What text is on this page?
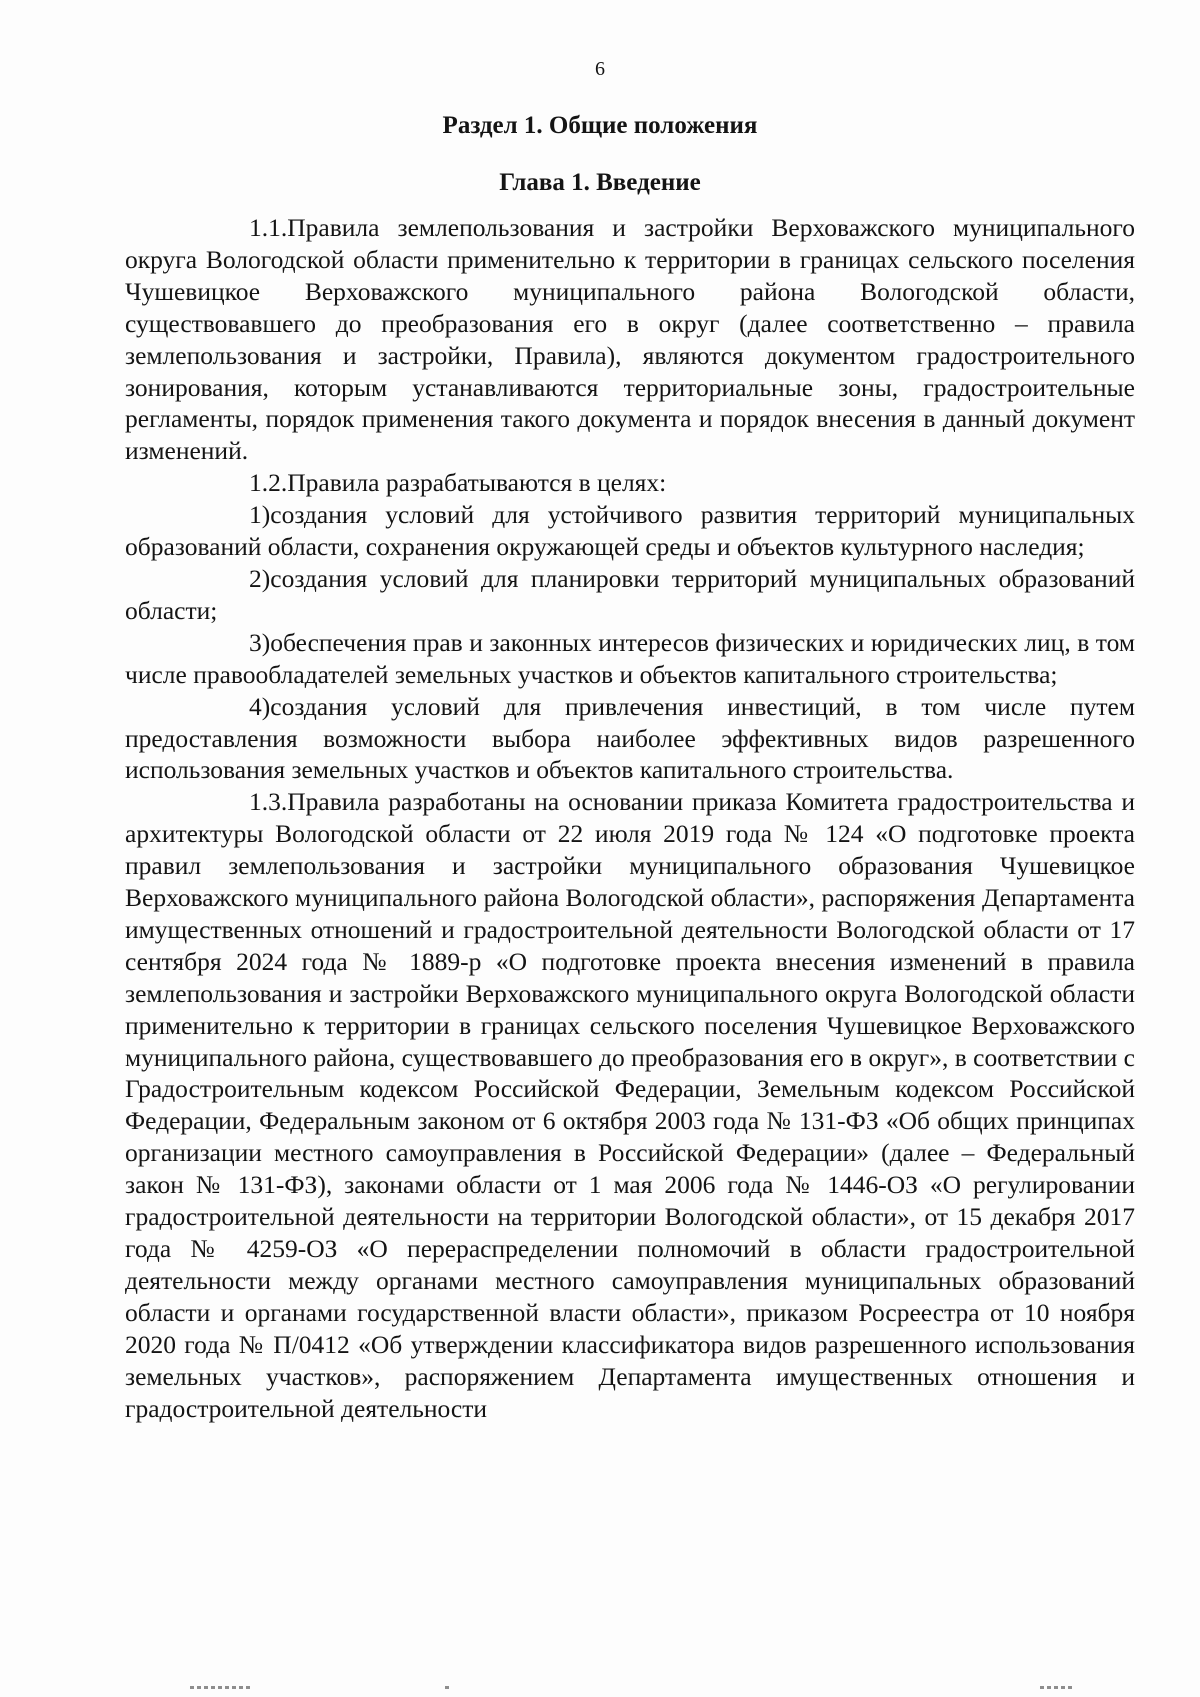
6
Раздел 1. Общие положения
Глава 1. Введение

1.1.Правила землепользования и застройки Верховажского муниципального округа Вологодской области применительно к территории в границах сельского поселения Чушевицкое Верховажского муниципального района Вологодской области, существовавшего до преобразования его в округ (далее соответственно – правила землепользования и застройки, Правила), являются документом градостроительного зонирования, которым устанавливаются территориальные зоны, градостроительные регламенты, порядок применения такого документа и порядок внесения в данный документ изменений.

1.2.Правила разрабатываются в целях:

1)создания условий для устойчивого развития территорий муниципальных образований области, сохранения окружающей среды и объектов культурного наследия;

2)создания условий для планировки территорий муниципальных образований области;

3)обеспечения прав и законных интересов физических и юридических лиц, в том числе правообладателей земельных участков и объектов капитального строительства;

4)создания условий для привлечения инвестиций, в том числе путем предоставления возможности выбора наиболее эффективных видов разрешенного использования земельных участков и объектов капитального строительства.

1.3.Правила разработаны на основании приказа Комитета градостроительства и архитектуры Вологодской области от 22 июля 2019 года № 124 «О подготовке проекта правил землепользования и застройки муниципального образования Чушевицкое Верховажского муниципального района Вологодской области», распоряжения Департамента имущественных отношений и градостроительной деятельности Вологодской области от 17 сентября 2024 года № 1889-р «О подготовке проекта внесения изменений в правила землепользования и застройки Верховажского муниципального округа Вологодской области применительно к территории в границах сельского поселения Чушевицкое Верховажского муниципального района, существовавшего до преобразования его в округ», в соответствии с Градостроительным кодексом Российской Федерации, Земельным кодексом Российской Федерации, Федеральным законом от 6 октября 2003 года № 131-ФЗ «Об общих принципах организации местного самоуправления в Российской Федерации» (далее – Федеральный закон № 131-ФЗ), законами области от 1 мая 2006 года № 1446-ОЗ «О регулировании градостроительной деятельности на территории Вологодской области», от 15 декабря 2017 года № 4259-ОЗ «О перераспределении полномочий в области градостроительной деятельности между органами местного самоуправления муниципальных образований области и органами государственной власти области», приказом Росреестра от 10 ноября 2020 года № П/0412 «Об утверждении классификатора видов разрешенного использования земельных участков», распоряжением Департамента имущественных отношения и градостроительной деятельности
